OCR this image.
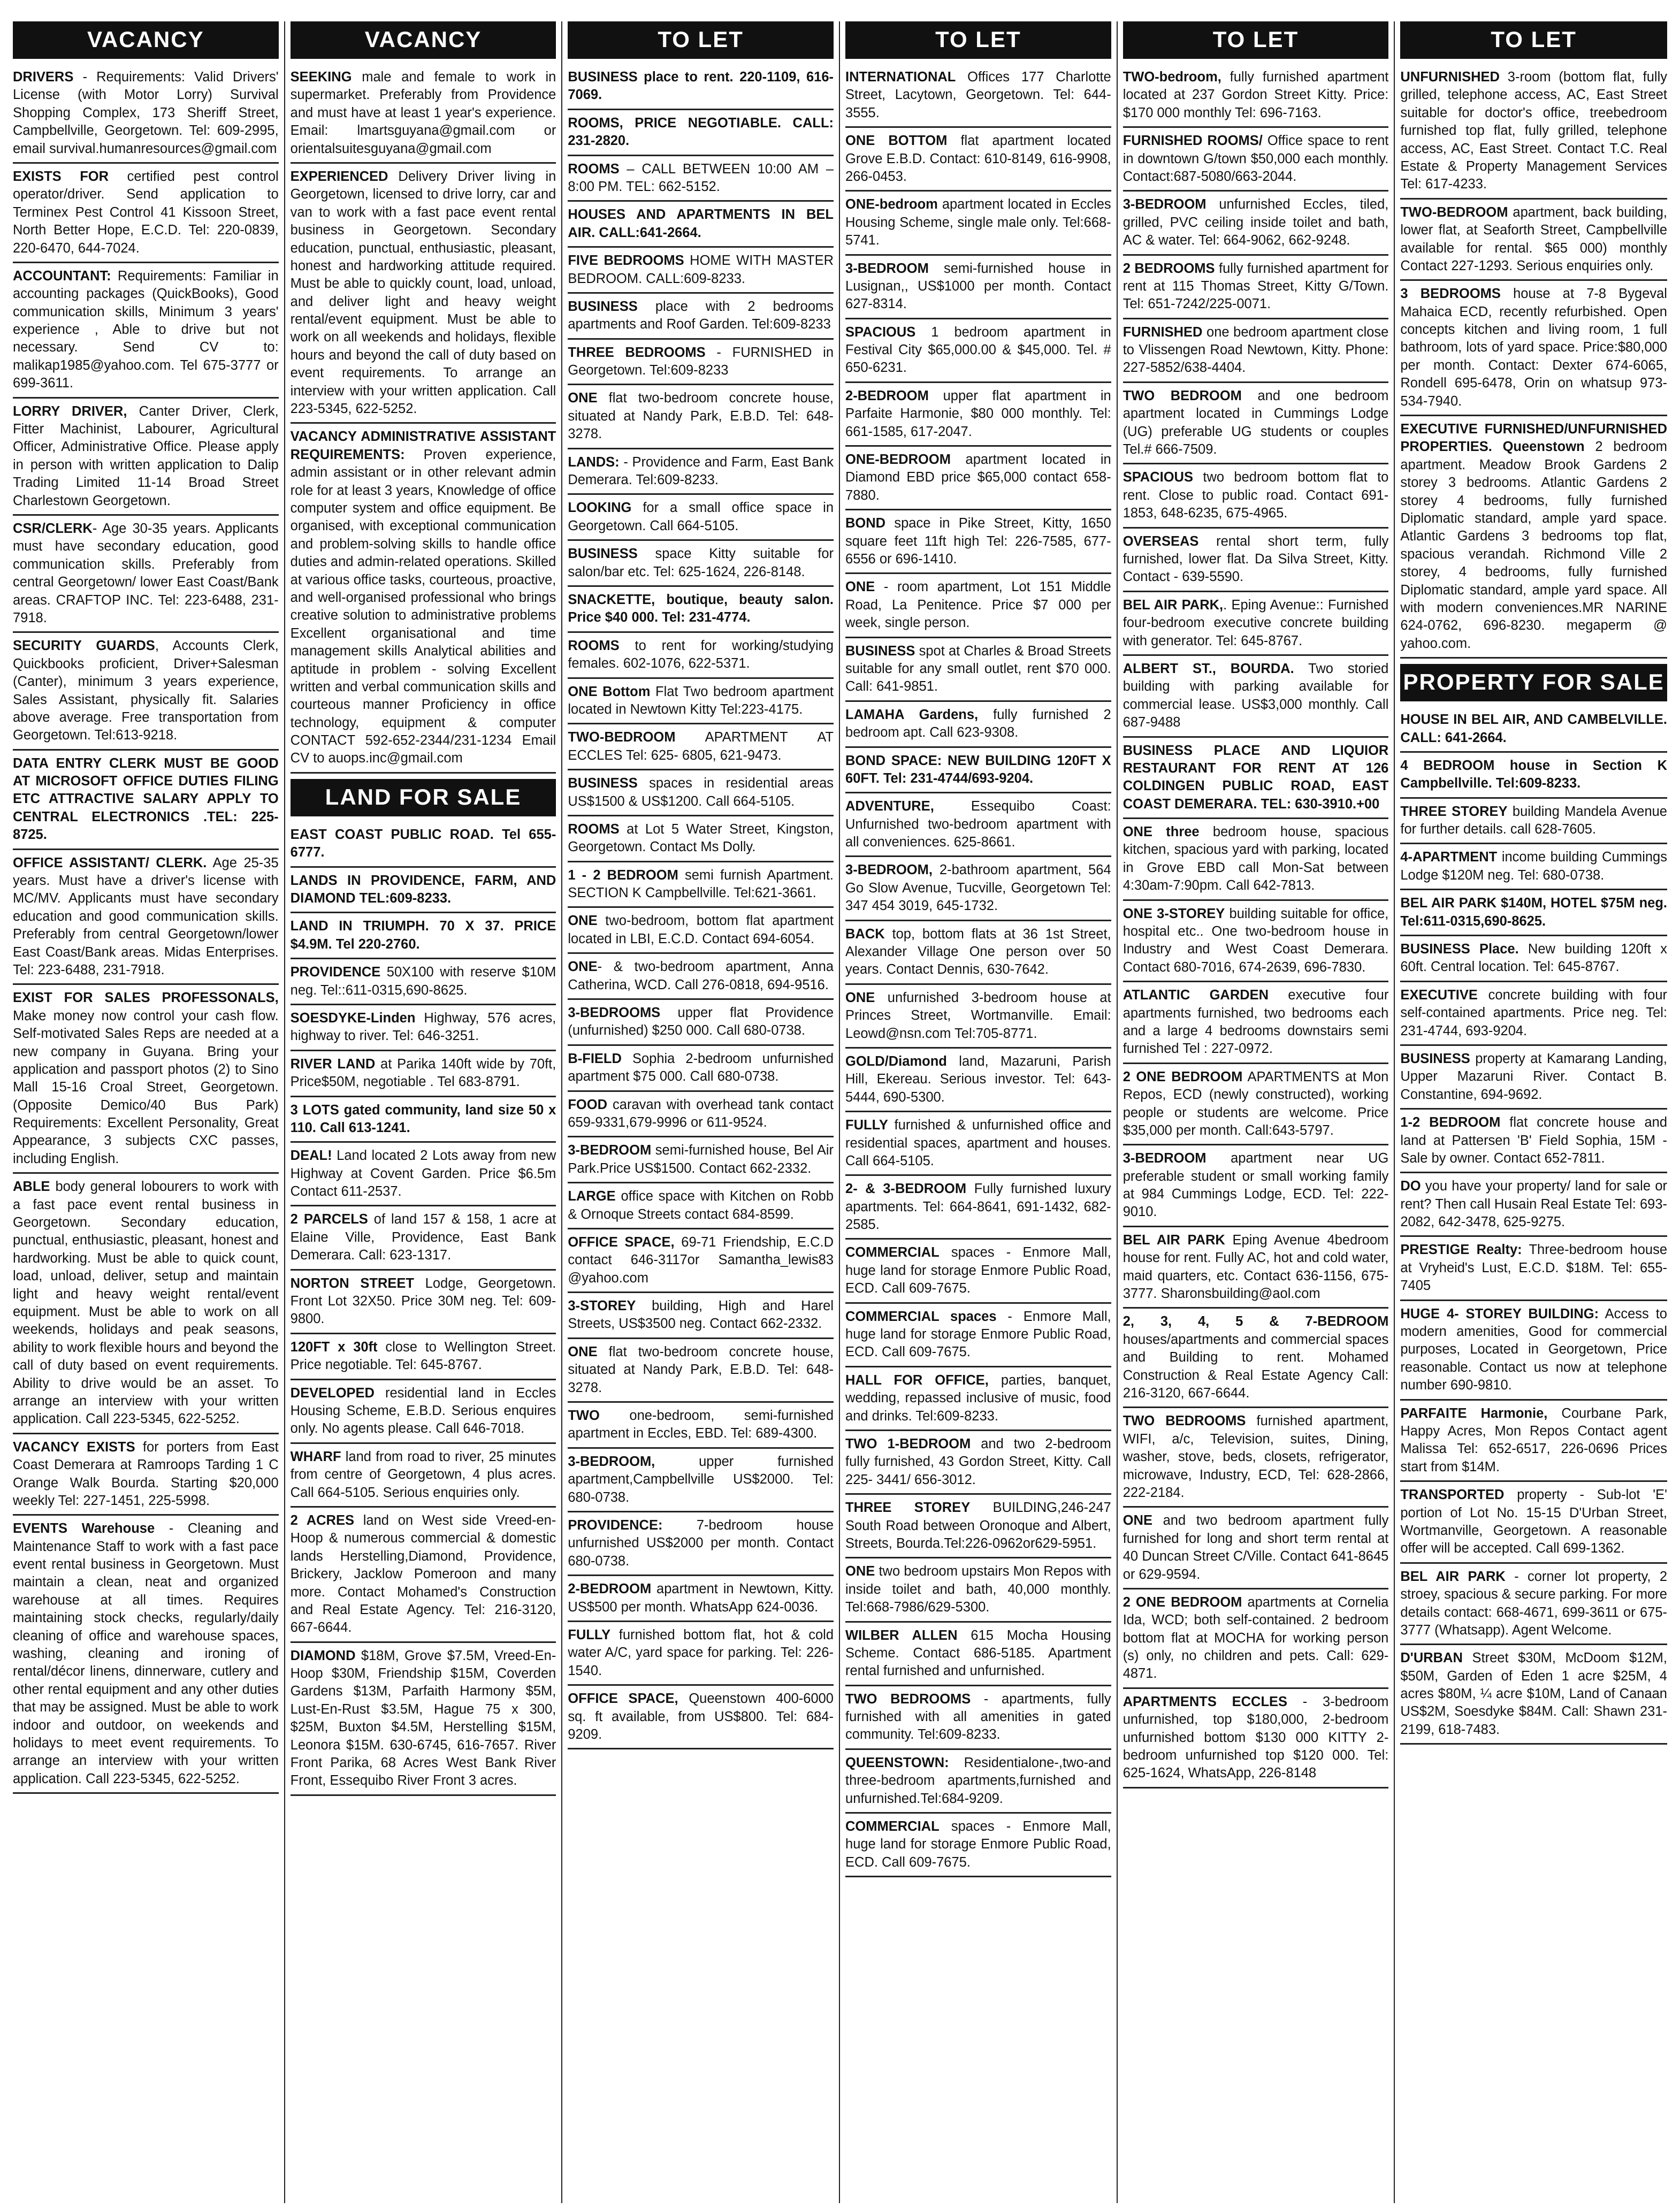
VACANCY
DRIVERS - Requirements: Valid Drivers' License (with Motor Lorry) Survival Shopping Complex, 173 Sheriff Street, Campbellville, Georgetown. Tel: 609-2995, email survival.humanresources@gmail.com
EXISTS FOR certified pest control operator/driver. Send application to Terminex Pest Control 41 Kissoon Street, North Better Hope, E.C.D. Tel: 220-0839, 220-6470, 644-7024.
ACCOUNTANT: Requirements: Familiar in accounting packages (QuickBooks), Good communication skills, Minimum 3 years' experience , Able to drive but not necessary. Send CV to: malikap1985@yahoo.com. Tel 675-3777 or 699-3611.
LORRY DRIVER, Canter Driver, Clerk, Fitter Machinist, Labourer, Agricultural Officer, Administrative Office. Please apply in person with written application to Dalip Trading Limited 11-14 Broad Street Charlestown Georgetown.
CSR/CLERK- Age 30-35 years. Applicants must have secondary education, good communication skills. Preferably from central Georgetown/ lower East Coast/Bank areas. CRAFTOP INC. Tel: 223-6488, 231-7918.
SECURITY GUARDS, Accounts Clerk, Quickbooks proficient, Driver+Salesman (Canter), minimum 3 years experience, Sales Assistant, physically fit. Salaries above average. Free transportation from Georgetown. Tel:613-9218.
DATA ENTRY CLERK MUST BE GOOD AT MICROSOFT OFFICE DUTIES FILING ETC ATTRACTIVE SALARY APPLY TO CENTRAL ELECTRONICS .TEL: 225-8725.
OFFICE ASSISTANT/ CLERK. Age 25-35 years. Must have a driver's license with MC/MV. Applicants must have secondary education and good communication skills. Preferably from central Georgetown/lower East Coast/Bank areas. Midas Enterprises. Tel: 223-6488, 231-7918.
EXIST FOR SALES PROFESSONALS, Make money now control your cash flow. Self-motivated Sales Reps are needed at a new company in Guyana. Bring your application and passport photos (2) to Sino Mall 15-16 Croal Street, Georgetown. (Opposite Demico/40 Bus Park) Requirements: Excellent Personality, Great Appearance, 3 subjects CXC passes, including English.
ABLE body general lobourers to work with a fast pace event rental business in Georgetown. Secondary education, punctual, enthusiastic, pleasant, honest and hardworking. Must be able to quick count, load, unload, deliver, setup and maintain light and heavy weight rental/event equipment. Must be able to work on all weekends, holidays and peak seasons, ability to work flexible hours and beyond the call of duty based on event requirements. Ability to drive would be an asset. To arrange an interview with your written application. Call 223-5345, 622-5252.
VACANCY EXISTS for porters from East Coast Demerara at Ramroops Tarding 1 C Orange Walk Bourda. Starting $20,000 weekly Tel: 227-1451, 225-5998.
EVENTS Warehouse - Cleaning and Maintenance Staff to work with a fast pace event rental business in Georgetown. Must maintain a clean, neat and organized warehouse at all times. Requires maintaining stock checks, regularly/daily cleaning of office and warehouse spaces, washing, cleaning and ironing of rental/décor linens, dinnerware, cutlery and other rental equipment and any other duties that may be assigned. Must be able to work indoor and outdoor, on weekends and holidays to meet event requirements. To arrange an interview with your written application. Call 223-5345, 622-5252.
VACANCY
SEEKING male and female to work in supermarket. Preferably from Providence and must have at least 1 year's experience. Email: lmartsguyana@gmail.com or orientalsuitesguyana@gmail.com
EXPERIENCED Delivery Driver living in Georgetown, licensed to drive lorry, car and van to work with a fast pace event rental business in Georgetown. Secondary education, punctual, enthusiastic, pleasant, honest and hardworking attitude required. Must be able to quickly count, load, unload, and deliver light and heavy weight rental/event equipment. Must be able to work on all weekends and holidays, flexible hours and beyond the call of duty based on event requirements. To arrange an interview with your written application. Call 223-5345, 622-5252.
VACANCY ADMINISTRATIVE ASSISTANT REQUIREMENTS: Proven experience, admin assistant or in other relevant admin role for at least 3 years, Knowledge of office computer system and office equipment. Be organised, with exceptional communication and problem-solving skills to handle office duties and admin-related operations. Skilled at various office tasks, courteous, proactive, and well-organised professional who brings creative solution to administrative problems Excellent organisational and time management skills Analytical abilities and aptitude in problem - solving Excellent written and verbal communication skills and courteous manner Proficiency in office technology, equipment & computer CONTACT 592-652-2344/231-1234 Email CV to auops.inc@gmail.com
LAND FOR SALE
EAST COAST PUBLIC ROAD. Tel 655-6777.
LANDS IN PROVIDENCE, FARM, AND DIAMOND TEL:609-8233.
LAND IN TRIUMPH. 70 X 37. PRICE $4.9M. Tel 220-2760.
PROVIDENCE 50X100 with reserve $10M neg. Tel::611-0315,690-8625.
SOESDYKE-Linden Highway, 576 acres, highway to river. Tel: 646-3251.
RIVER LAND at Parika 140ft wide by 70ft, Price$50M, negotiable . Tel 683-8791.
3 LOTS gated community, land size 50 x 110. Call 613-1241.
DEAL! Land located 2 Lots away from new Highway at Covent Garden. Price $6.5m Contact 611-2537.
2 PARCELS of land 157 & 158, 1 acre at Elaine Ville, Providence, East Bank Demerara. Call: 623-1317.
NORTON STREET Lodge, Georgetown. Front Lot 32X50. Price 30M neg. Tel: 609-9800.
120FT x 30ft close to Wellington Street. Price negotiable. Tel: 645-8767.
DEVELOPED residential land in Eccles Housing Scheme, E.B.D. Serious enquires only. No agents please. Call 646-7018.
WHARF land from road to river, 25 minutes from centre of Georgetown, 4 plus acres. Call 664-5105. Serious enquiries only.
2 ACRES land on West side Vreed-en-Hoop & numerous commercial & domestic lands Herstelling,Diamond, Providence, Brickery, Jacklow Pomeroon and many more. Contact Mohamed's Construction and Real Estate Agency. Tel: 216-3120, 667-6644.
DIAMOND $18M, Grove $7.5M, Vreed-En-Hoop $30M, Friendship $15M, Coverden Gardens $13M, Parfaith Harmony $5M, Lust-En-Rust $3.5M, Hague 75 x 300, $25M, Buxton $4.5M, Herstelling $15M, Leonora $15M. 630-6745, 616-7657. River Front Parika, 68 Acres West Bank River Front, Essequibo River Front 3 acres.
TO LET
BUSINESS place to rent. 220-1109, 616-7069.
ROOMS, PRICE NEGOTIABLE. CALL: 231-2820.
ROOMS – CALL BETWEEN 10:00 AM – 8:00 PM. TEL: 662-5152.
HOUSES AND APARTMENTS IN BEL AIR. CALL:641-2664.
FIVE BEDROOMS HOME WITH MASTER BEDROOM. CALL:609-8233.
BUSINESS place with 2 bedrooms apartments and Roof Garden. Tel:609-8233
THREE BEDROOMS - FURNISHED in Georgetown. Tel:609-8233
ONE flat two-bedroom concrete house, situated at Nandy Park, E.B.D. Tel: 648-3278.
LANDS: - Providence and Farm, East Bank Demerara. Tel:609-8233.
LOOKING for a small office space in Georgetown. Call 664-5105.
BUSINESS space Kitty suitable for salon/bar etc. Tel: 625-1624, 226-8148.
SNACKETTE, boutique, beauty salon. Price $40 000. Tel: 231-4774.
ROOMS to rent for working/studying females. 602-1076, 622-5371.
ONE Bottom Flat Two bedroom apartment located in Newtown Kitty Tel:223-4175.
TWO-BEDROOM APARTMENT AT ECCLES Tel: 625- 6805, 621-9473.
BUSINESS spaces in residential areas US$1500 & US$1200. Call 664-5105.
ROOMS at Lot 5 Water Street, Kingston, Georgetown. Contact Ms Dolly.
1 - 2 BEDROOM semi furnish Apartment. SECTION K Campbellville. Tel:621-3661.
ONE two-bedroom, bottom flat apartment located in LBI, E.C.D. Contact 694-6054.
ONE- & two-bedroom apartment, Anna Catherina, WCD. Call 276-0818, 694-9516.
3-BEDROOMS upper flat Providence (unfurnished) $250 000. Call 680-0738.
B-FIELD Sophia 2-bedroom unfurnished apartment $75 000. Call 680-0738.
FOOD caravan with overhead tank contact 659-9331,679-9996 or 611-9524.
3-BEDROOM semi-furnished house, Bel Air Park.Price US$1500. Contact 662-2332.
LARGE office space with Kitchen on Robb & Ornoque Streets contact 684-8599.
OFFICE SPACE, 69-71 Friendship, E.C.D contact 646-3117or Samantha_lewis83 @yahoo.com
3-STOREY building, High and Harel Streets, US$3500 neg. Contact 662-2332.
ONE flat two-bedroom concrete house, situated at Nandy Park, E.B.D. Tel: 648-3278.
TWO one-bedroom, semi-furnished apartment in Eccles, EBD. Tel: 689-4300.
3-BEDROOM, upper furnished apartment,Campbellville US$2000. Tel: 680-0738.
PROVIDENCE: 7-bedroom house unfurnished US$2000 per month. Contact 680-0738.
2-BEDROOM apartment in Newtown, Kitty. US$500 per month. WhatsApp 624-0036.
FULLY furnished bottom flat, hot & cold water A/C, yard space for parking. Tel: 226-1540.
OFFICE SPACE, Queenstown 400-6000 sq. ft available, from US$800. Tel: 684-9209.
TO LET
INTERNATIONAL Offices 177 Charlotte Street, Lacytown, Georgetown. Tel: 644-3555.
ONE BOTTOM flat apartment located Grove E.B.D. Contact: 610-8149, 616-9908, 266-0453.
ONE-bedroom apartment located in Eccles Housing Scheme, single male only. Tel:668-5741.
3-BEDROOM semi-furnished house in Lusignan,, US$1000 per month. Contact 627-8314.
SPACIOUS 1 bedroom apartment in Festival City $65,000.00 & $45,000. Tel. # 650-6231.
2-BEDROOM upper flat apartment in Parfaite Harmonie, $80 000 monthly. Tel: 661-1585, 617-2047.
ONE-BEDROOM apartment located in Diamond EBD price $65,000 contact 658-7880.
BOND space in Pike Street, Kitty, 1650 square feet 11ft high Tel: 226-7585, 677-6556 or 696-1410.
ONE - room apartment, Lot 151 Middle Road, La Penitence. Price $7 000 per week, single person.
BUSINESS spot at Charles & Broad Streets suitable for any small outlet, rent $70 000. Call: 641-9851.
LAMAHA Gardens, fully furnished 2 bedroom apt. Call 623-9308.
BOND SPACE: NEW BUILDING 120FT X 60FT. Tel: 231-4744/693-9204.
ADVENTURE, Essequibo Coast: Unfurnished two-bedroom apartment with all conveniences. 625-8661.
3-BEDROOM, 2-bathroom apartment, 564 Go Slow Avenue, Tucville, Georgetown Tel: 347 454 3019, 645-1732.
BACK top, bottom flats at 36 1st Street, Alexander Village One person over 50 years. Contact Dennis, 630-7642.
ONE unfurnished 3-bedroom house at Princes Street, Wortmanville. Email: Leowd@nsn.com Tel:705-8771.
GOLD/Diamond land, Mazaruni, Parish Hill, Ekereau. Serious investor. Tel: 643-5444, 690-5300.
FULLY furnished & unfurnished office and residential spaces, apartment and houses. Call 664-5105.
2- & 3-BEDROOM Fully furnished luxury apartments. Tel: 664-8641, 691-1432, 682-2585.
COMMERCIAL spaces - Enmore Mall, huge land for storage Enmore Public Road, ECD. Call 609-7675.
COMMERCIAL spaces - Enmore Mall, huge land for storage Enmore Public Road, ECD. Call 609-7675.
HALL FOR OFFICE, parties, banquet, wedding, repassed inclusive of music, food and drinks. Tel:609-8233.
TWO 1-BEDROOM and two 2-bedroom fully furnished, 43 Gordon Street, Kitty. Call 225- 3441/ 656-3012.
THREE STOREY BUILDING,246-247 South Road between Oronoque and Albert, Streets, Bourda.Tel:226-0962or629-5951.
ONE two bedroom upstairs Mon Repos with inside toilet and bath, 40,000 monthly. Tel:668-7986/629-5300.
WILBER ALLEN 615 Mocha Housing Scheme. Contact 686-5185. Apartment rental furnished and unfurnished.
TWO BEDROOMS - apartments, fully furnished with all amenities in gated community. Tel:609-8233.
QUEENSTOWN: Residentialone-,two-and three-bedroom apartments,furnished and unfurnished.Tel:684-9209.
COMMERCIAL spaces - Enmore Mall, huge land for storage Enmore Public Road, ECD. Call 609-7675.
TO LET
TWO-bedroom, fully furnished apartment located at 237 Gordon Street Kitty. Price: $170 000 monthly Tel: 696-7163.
FURNISHED ROOMS/ Office space to rent in downtown G/town $50,000 each monthly. Contact:687-5080/663-2044.
3-BEDROOM unfurnished Eccles, tiled, grilled, PVC ceiling inside toilet and bath, AC & water. Tel: 664-9062, 662-9248.
2 BEDROOMS fully furnished apartment for rent at 115 Thomas Street, Kitty G/Town. Tel: 651-7242/225-0071.
FURNISHED one bedroom apartment close to Vlissengen Road Newtown, Kitty. Phone: 227-5852/638-4404.
TWO BEDROOM and one bedroom apartment located in Cummings Lodge (UG) preferable UG students or couples Tel.# 666-7509.
SPACIOUS two bedroom bottom flat to rent. Close to public road. Contact 691-1853, 648-6235, 675-4965.
OVERSEAS rental short term, fully furnished, lower flat. Da Silva Street, Kitty. Contact - 639-5590.
BEL AIR PARK,. Eping Avenue:: Furnished four-bedroom executive concrete building with generator. Tel: 645-8767.
ALBERT ST., BOURDA. Two storied building with parking available for commercial lease. US$3,000 monthly. Call 687-9488
BUSINESS PLACE AND LIQUIOR RESTAURANT FOR RENT AT 126 COLDINGEN PUBLIC ROAD, EAST COAST DEMERARA. TEL: 630-3910.+00
ONE three bedroom house, spacious kitchen, spacious yard with parking, located in Grove EBD call Mon-Sat between 4:30am-7:90pm. Call 642-7813.
ONE 3-STOREY building suitable for office, hospital etc.. One two-bedroom house in Industry and West Coast Demerara. Contact 680-7016, 674-2639, 696-7830.
ATLANTIC GARDEN executive four apartments furnished, two bedrooms each and a large 4 bedrooms downstairs semi furnished Tel : 227-0972.
2 ONE BEDROOM APARTMENTS at Mon Repos, ECD (newly constructed), working people or students are welcome. Price $35,000 per month. Call:643-5797.
3-BEDROOM apartment near UG preferable student or small working family at 984 Cummings Lodge, ECD. Tel: 222-9010.
BEL AIR PARK Eping Avenue 4bedroom house for rent. Fully AC, hot and cold water, maid quarters, etc. Contact 636-1156, 675-3777. Sharonsbuilding@aol.com
2, 3, 4, 5 & 7-BEDROOM houses/apartments and commercial spaces and Building to rent. Mohamed Construction & Real Estate Agency Call: 216-3120, 667-6644.
TWO BEDROOMS furnished apartment, WIFI, a/c, Television, suites, Dining, washer, stove, beds, closets, refrigerator, microwave, Industry, ECD, Tel: 628-2866, 222-2184.
ONE and two bedroom apartment fully furnished for long and short term rental at 40 Duncan Street C/Ville. Contact 641-8645 or 629-9594.
2 ONE BEDROOM apartments at Cornelia Ida, WCD; both self-contained. 2 bedroom bottom flat at MOCHA for working person (s) only, no children and pets. Call: 629-4871.
APARTMENTS ECCLES - 3-bedroom unfurnished, top $180,000, 2-bedroom unfurnished bottom $130 000 KITTY 2-bedroom unfurnished top $120 000. Tel: 625-1624, WhatsApp, 226-8148
TO LET
UNFURNISHED 3-room (bottom flat, fully grilled, telephone access, AC, East Street suitable for doctor's office, treebedroom furnished top flat, fully grilled, telephone access, AC, East Street. Contact T.C. Real Estate & Property Management Services Tel: 617-4233.
TWO-BEDROOM apartment, back building, lower flat, at Seaforth Street, Campbellville available for rental. $65 000) monthly Contact 227-1293. Serious enquiries only.
3 BEDROOMS house at 7-8 Bygeval Mahaica ECD, recently refurbished. Open concepts kitchen and living room, 1 full bathroom, lots of yard space. Price:$80,000 per month. Contact: Dexter 674-6065, Rondell 695-6478, Orin on whatsup 973-534-7940.
EXECUTIVE FURNISHED/UNFURNISHED PROPERTIES. Queenstown 2 bedroom apartment. Meadow Brook Gardens 2 storey 3 bedrooms. Atlantic Gardens 2 storey 4 bedrooms, fully furnished Diplomatic standard, ample yard space. Atlantic Gardens 3 bedrooms top flat, spacious verandah. Richmond Ville 2 storey, 4 bedrooms, fully furnished Diplomatic standard, ample yard space. All with modern conveniences.MR NARINE 624-0762, 696-8230. megaperm @ yahoo.com.
PROPERTY FOR SALE
HOUSE IN BEL AIR, AND CAMBELVILLE. CALL: 641-2664.
4 BEDROOM house in Section K Campbellville. Tel:609-8233.
THREE STOREY building Mandela Avenue for further details. call 628-7605.
4-APARTMENT income building Cummings Lodge $120M neg. Tel: 680-0738.
BEL AIR PARK $140M, HOTEL $75M neg. Tel:611-0315,690-8625.
BUSINESS Place. New building 120ft x 60ft. Central location. Tel: 645-8767.
EXECUTIVE concrete building with four self-contained apartments. Price neg. Tel: 231-4744, 693-9204.
BUSINESS property at Kamarang Landing, Upper Mazaruni River. Contact B. Constantine, 694-9692.
1-2 BEDROOM flat concrete house and land at Pattersen 'B' Field Sophia, 15M - Sale by owner. Contact 652-7811.
DO you have your property/ land for sale or rent? Then call Husain Real Estate Tel: 693-2082, 642-3478, 625-9275.
PRESTIGE Realty: Three-bedroom house at Vryheid's Lust, E.C.D. $18M. Tel: 655-7405
HUGE 4- STOREY BUILDING: Access to modern amenities, Good for commercial purposes, Located in Georgetown, Price reasonable. Contact us now at telephone number 690-9810.
PARFAITE Harmonie, Courbane Park, Happy Acres, Mon Repos Contact agent Malissa Tel: 652-6517, 226-0696 Prices start from $14M.
TRANSPORTED property - Sub-lot 'E' portion of Lot No. 15-15 D'Urban Street, Wortmanville, Georgetown. A reasonable offer will be accepted. Call 699-1362.
BEL AIR PARK - corner lot property, 2 stroey, spacious & secure parking. For more details contact: 668-4671, 699-3611 or 675-3777 (Whatsapp). Agent Welcome.
D'URBAN Street $30M, McDoom $12M, $50M, Garden of Eden 1 acre $25M, 4 acres $80M, ¼ acre $10M, Land of Canaan US$2M, Soesdyke $84M. Call: Shawn 231-2199, 618-7483.
